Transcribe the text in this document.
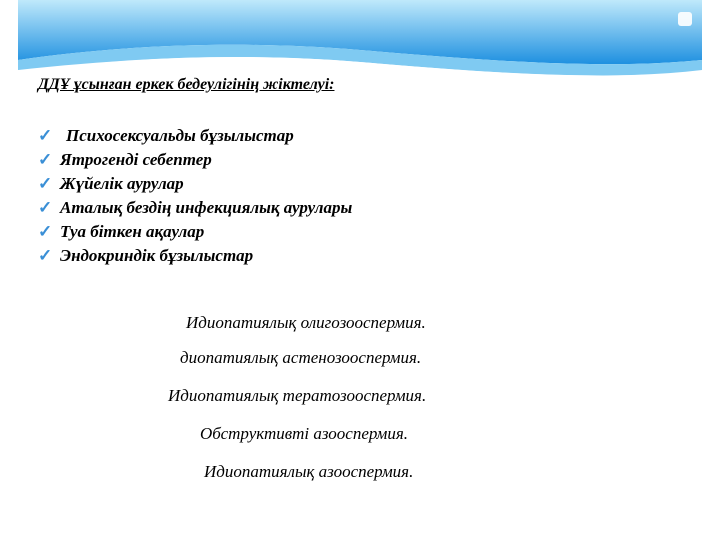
ДДҰ ұсынған еркек бедеулігінің жіктелуі:

✓ Психосексуальды бұзылыстар
✓ Ятрогенді себептер
✓ Жүйелік аурулар
✓ Аталық бездің инфекциялық аурулары
✓ Туа біткен ақаулар
✓ Эндокриндік бұзылыстар
Идиопатиялық олигозооспермия.
диопатиялық астенозооспермия.
Идиопатиялық тератозооспермия.
Обструктивті азооспермия.
Идиопатиялық азооспермия.
